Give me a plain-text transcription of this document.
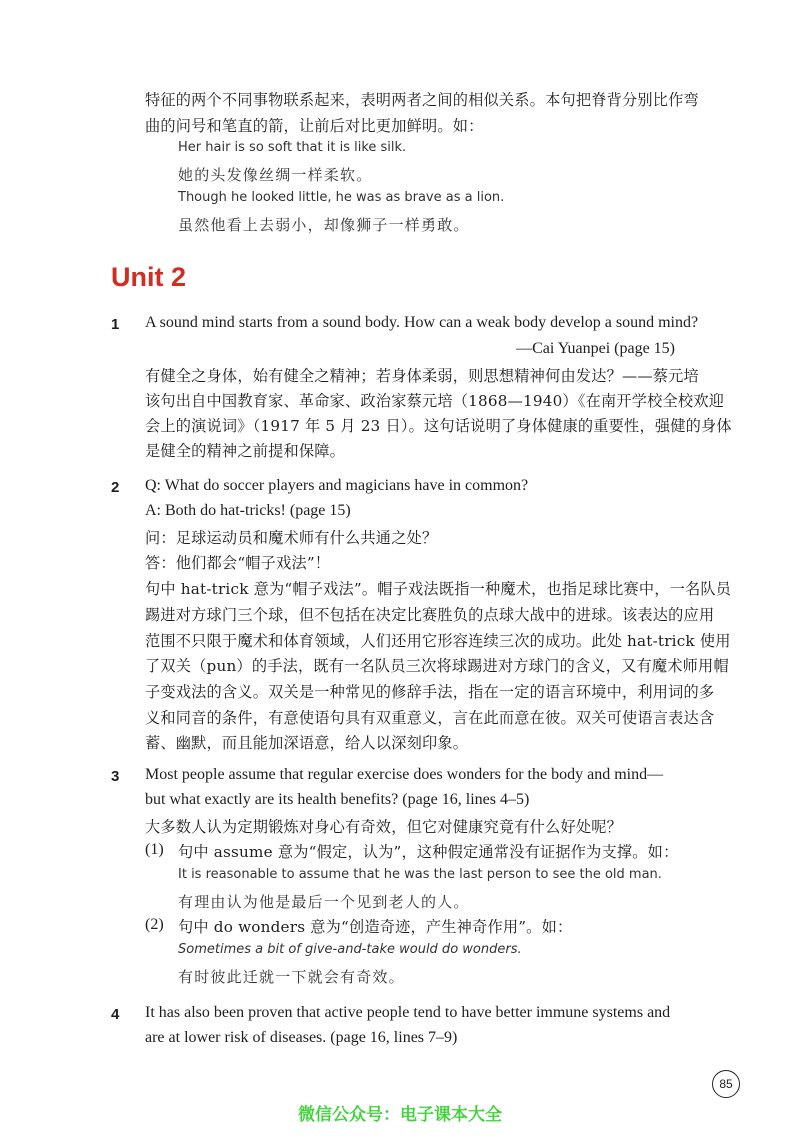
特征的两个不同事物联系起来，表明两者之间的相似关系。本句把脊背分别比作弯
曲的问号和笔直的箭，让前后对比更加鲜明。如：
Her hair is so soft that it is like silk.
她的头发像丝绸一样柔软。
Though he looked little, he was as brave as a lion.
虽然他看上去弱小，却像狮子一样勇敢。
Unit 2
1 A sound mind starts from a sound body. How can a weak body develop a sound mind?
—Cai Yuanpei (page 15)
有健全之身体，始有健全之精神；若身体柔弱，则思想精神何由发达？——蔡元培
该句出自中国教育家、革命家、政治家蔡元培（1868—1940）《在南开学校全校欢迎
会上的演说词》（1917 年 5 月 23 日）。这句话说明了身体健康的重要性，强健的身体
是健全的精神之前提和保障。
2 Q: What do soccer players and magicians have in common?
A: Both do hat-tricks! (page 15)
问：足球运动员和魔术师有什么共通之处？
答：他们都会“帽子戏法”！
句中 hat-trick 意为“帽子戏法”。帽子戏法既指一种魔术，也指足球比赛中，一名队员
踢进对方球门三个球，但不包括在决定比赛胜负的点球大战中的进球。该表达的应用
范围不只限于魔术和体育领域，人们还用它形容连续三次的成功。此处 hat-trick 使用
了双关（pun）的手法，既有一名队员三次将球踢进对方球门的含义，又有魔术师用帽
子变戏法的含义。双关是一种常见的修辞手法，指在一定的语言环境中，利用词的多
义和同音的条件，有意使语句具有双重意义，言在此而意在彼。双关可使语言表达含
蓄、幽默，而且能加深语意，给人以深刻印象。
3 Most people assume that regular exercise does wonders for the body and mind—
but what exactly are its health benefits? (page 16, lines 4–5)
大多数人认为定期锻炼对身心有奇效，但它对健康究竟有什么好处呢？
(1) 句中 assume 意为“假定，认为”，这种假定通常没有证据作为支撑。如：
It is reasonable to assume that he was the last person to see the old man.
有理由认为他是最后一个见到老人的人。
(2) 句中 do wonders 意为“创造奇迹，产生神奇作用”。如：
Sometimes a bit of give-and-take would do wonders.
有时彼此迁就一下就会有奇效。
4 It has also been proven that active people tend to have better immune systems and
are at lower risk of diseases. (page 16, lines 7–9)
85
微信公众号：电子课本大全
